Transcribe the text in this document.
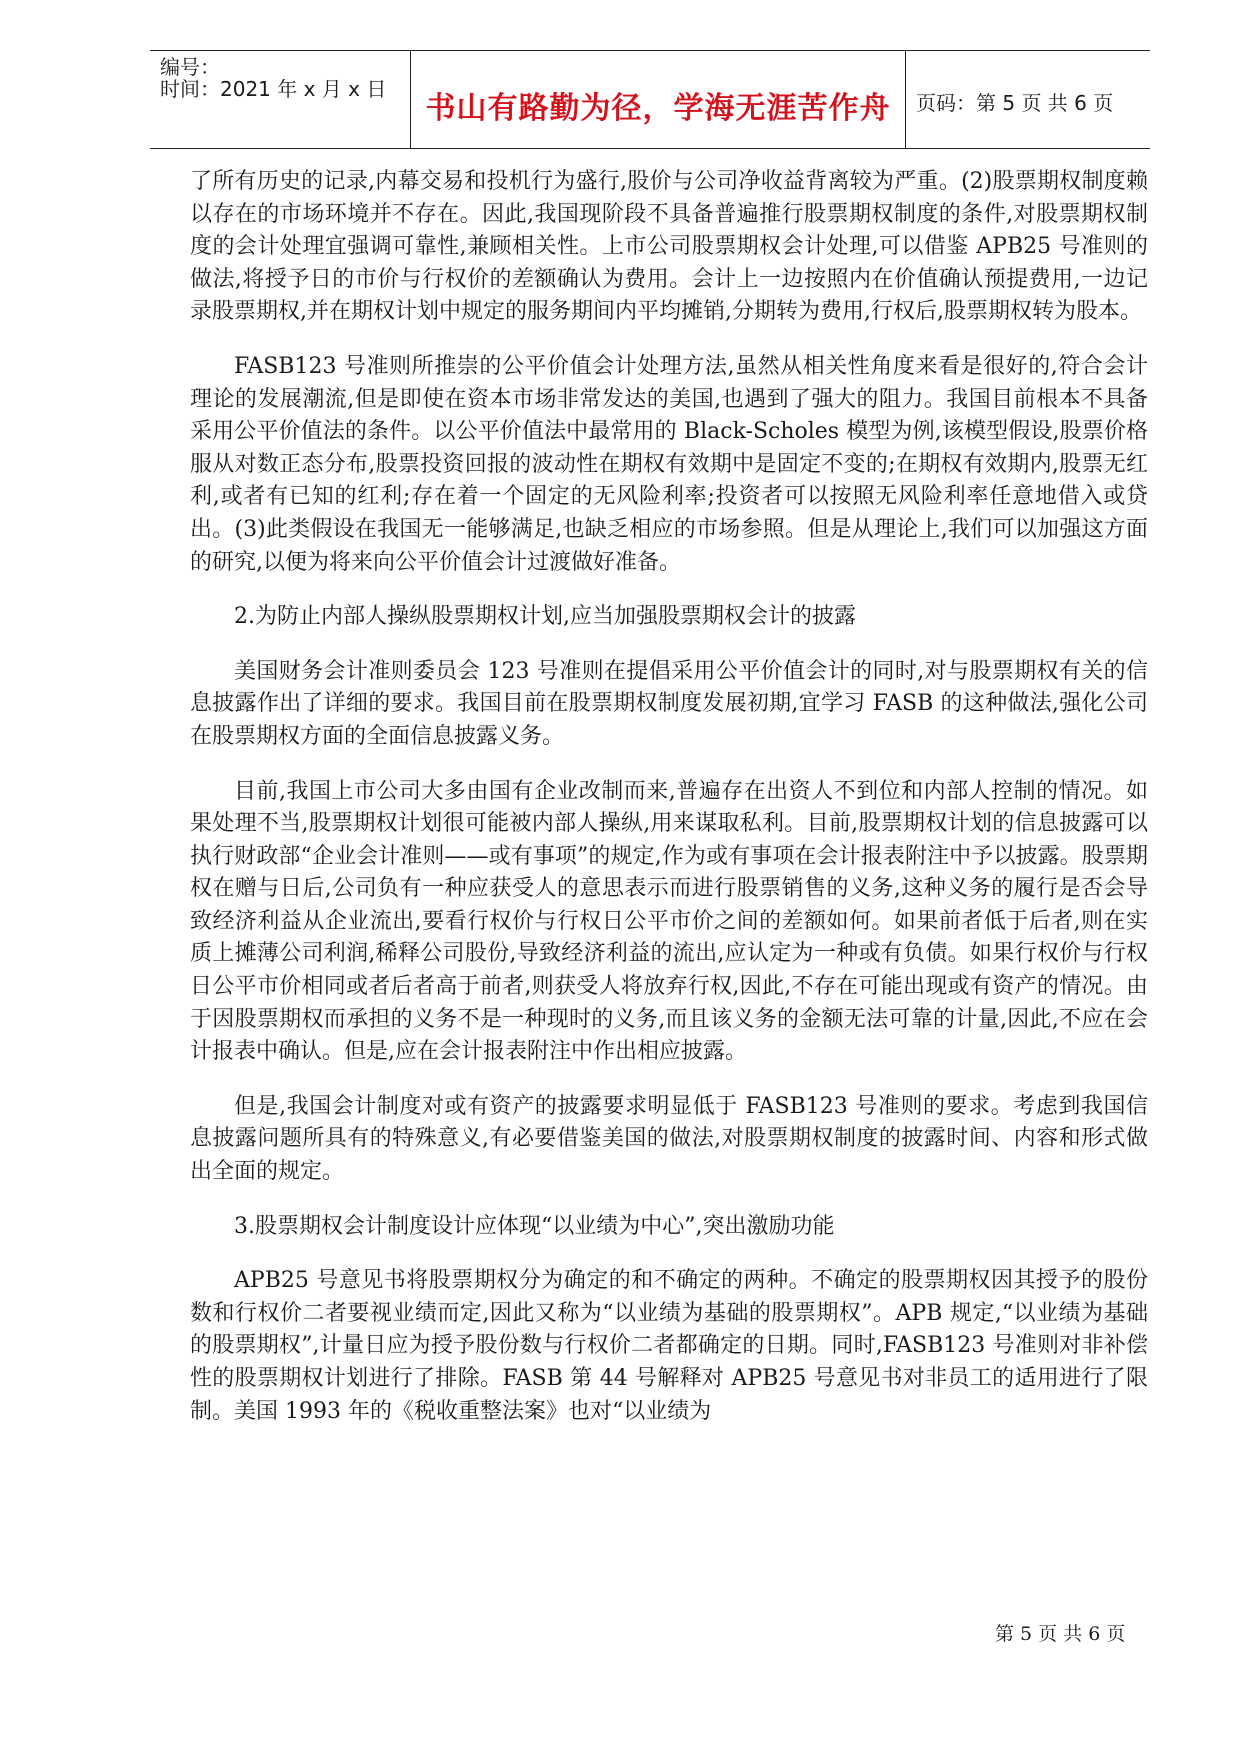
编号：
时间：2021 年 x 月 x 日
书山有路勤为径，学海无涯苦作舟	页码：第 5 页 共 6 页

了所有历史的记录,内幕交易和投机行为盛行,股价与公司净收益背离较为严重。(2)股票期权制度赖以存在的市场环境并不存在。因此,我国现阶段不具备普遍推行股票期权制度的条件,对股票期权制度的会计处理宜强调可靠性,兼顾相关性。上市公司股票期权会计处理,可以借鉴 APB25 号准则的做法,将授予日的市价与行权价的差额确认为费用。会计上一边按照内在价值确认预提费用,一边记录股票期权,并在期权计划中规定的服务期间内平均摊销,分期转为费用,行权后,股票期权转为股本。

FASB123 号准则所推崇的公平价值会计处理方法,虽然从相关性角度来看是很好的,符合会计理论的发展潮流,但是即使在资本市场非常发达的美国,也遇到了强大的阻力。我国目前根本不具备采用公平价值法的条件。以公平价值法中最常用的 Black-Scholes 模型为例,该模型假设,股票价格服从对数正态分布,股票投资回报的波动性在期权有效期中是固定不变的;在期权有效期内,股票无红利,或者有已知的红利;存在着一个固定的无风险利率;投资者可以按照无风险利率任意地借入或贷出。(3)此类假设在我国无一能够满足,也缺乏相应的市场参照。但是从理论上,我们可以加强这方面的研究,以便为将来向公平价值会计过渡做好准备。

2.为防止内部人操纵股票期权计划,应当加强股票期权会计的披露

美国财务会计准则委员会 123 号准则在提倡采用公平价值会计的同时,对与股票期权有关的信息披露作出了详细的要求。我国目前在股票期权制度发展初期,宜学习 FASB 的这种做法,强化公司在股票期权方面的全面信息披露义务。

目前,我国上市公司大多由国有企业改制而来,普遍存在出资人不到位和内部人控制的情况。如果处理不当,股票期权计划很可能被内部人操纵,用来谋取私利。目前,股票期权计划的信息披露可以执行财政部“企业会计准则——或有事项”的规定,作为或有事项在会计报表附注中予以披露。股票期权在赠与日后,公司负有一种应获受人的意思表示而进行股票销售的义务,这种义务的履行是否会导致经济利益从企业流出,要看行权价与行权日公平市价之间的差额如何。如果前者低于后者,则在实质上摊薄公司利润,稀释公司股份,导致经济利益的流出,应认定为一种或有负债。如果行权价与行权日公平市价相同或者后者高于前者,则获受人将放弃行权,因此,不存在可能出现或有资产的情况。由于因股票期权而承担的义务不是一种现时的义务,而且该义务的金额无法可靠的计量,因此,不应在会计报表中确认。但是,应在会计报表附注中作出相应披露。

但是,我国会计制度对或有资产的披露要求明显低于 FASB123 号准则的要求。考虑到我国信息披露问题所具有的特殊意义,有必要借鉴美国的做法,对股票期权制度的披露时间、内容和形式做出全面的规定。

3.股票期权会计制度设计应体现“以业绩为中心”,突出激励功能

APB25 号意见书将股票期权分为确定的和不确定的两种。不确定的股票期权因其授予的股份数和行权价二者要视业绩而定,因此又称为“以业绩为基础的股票期权”。APB 规定,“以业绩为基础的股票期权”,计量日应为授予股份数与行权价二者都确定的日期。同时,FASB123 号准则对非补偿性的股票期权计划进行了排除。FASB 第 44 号解释对 APB25 号意见书对非员工的适用进行了限制。美国 1993 年的《税收重整法案》也对“以业绩为

第 5 页 共 6 页
